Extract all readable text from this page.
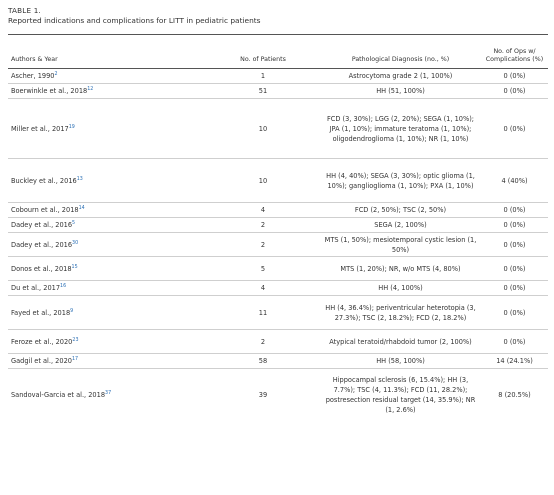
TABLE 1.
Reported indications and complications for LITT in pediatric patients
Authors & Year	No. of Patients	Pathological Diagnosis (no., %)	No. of Ops w/ Complications (%)
Ascher, 1990$^2$	1	Astrocytoma grade 2 (1, 100%)	0 (0%)
Boerwinkle et al., 2018$^{12}$	51	HH (51, 100%)	0 (0%)
Miller et al., 2017$^{19}$	10	FCD (3, 30%); LGG (2, 20%); SEGA (1, 10%); JPA (1, 10%); immature teratoma (1, 10%); oligodendroglioma (1, 10%); NR (1, 10%)	0 (0%)
Buckley et al., 2016$^{13}$	10	HH (4, 40%); SEGA (3, 30%); optic glioma (1, 10%); ganglioglioma (1, 10%); PXA (1, 10%)	4 (40%)
Cobourn et al., 2018$^{14}$	4	FCD (2, 50%); TSC (2, 50%)	0 (0%)
Dadey et al., 2016$^5$	2	SEGA (2, 100%)	0 (0%)
Dadey et al., 2016$^{30}$	2	MTS (1, 50%); mesiotemporal cystic lesion (1, 50%)	0 (0%)
Donos et al., 2018$^{15}$	5	MTS (1, 20%); NR, w/o MTS (4, 80%)	0 (0%)
Du et al., 2017$^{16}$	4	HH (4, 100%)	0 (0%)
Fayed et al., 2018$^9$	11	HH (4, 36.4%); periventricular heterotopia (3, 27.3%); TSC (2, 18.2%); FCD (2, 18.2%)	0 (0%)
Feroze et al., 2020$^{23}$	2	Atypical teratoid/rhabdoid tumor (2, 100%)	0 (0%)
Gadgil et al., 2020$^{17}$	58	HH (58, 100%)	14 (24.1%)
Sandoval-Garcia et al., 2018$^{37}$	39	Hippocampal sclerosis (6, 15.4%); HH (3, 7.7%); TSC (4, 11.3%); FCD (11, 28.2%); postresection residual target (14, 35.9%); NR (1, 2.6%)	8 (20.5%)
